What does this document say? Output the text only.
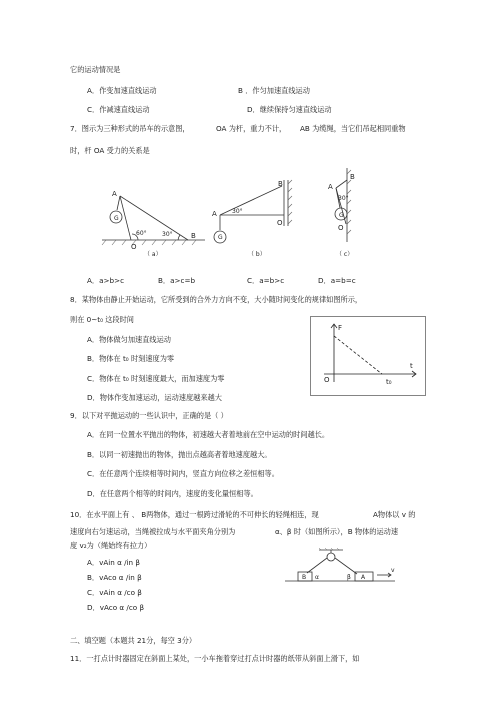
它的运动情况是
A．作变加速直线运动	B ．作匀加速直线运动
C．作减速直线运动	D．继续保持匀速直线运动
7．图示为三种形式的吊车的示意图，	OA 为杆，重力不计， AB 为缆绳，当它们吊起相同重物
时，杆 OA 受力的关系是
A
G
B
O
60°	30°
（ a）
A
B
G
O
30°
（ b）
A
B
G
O
30°
（ c）
A．a>b>c	B．a>c=b	C．a=b>c	D．a=b=c
8．某物体由静止开始运动，它所受到的合外力方向不变，大小随时间变化的规律如图所示，
则在 0~t₀ 这段时间
A．物体做匀加速直线运动
B．物体在 t₀ 时刻速度为零
C．物体在 t₀ 时刻速度最大，而加速度为零
D．物体作变加速运动，运动速度越来越大
F
t
O	t₀
9．以下对平抛运动的一些认识中，正确的是（ ）
A．在同一位置水平抛出的物体，初速越大者着地前在空中运动的时间越长。
B．以同一初速抛出的物体，抛出点越高者着地速度越大。
C．在任意两个连续相等时间内，竖直方向位移之差恒相等。
D．在任意两个相等的时间内，速度的变化量恒相等。
10．在水平面上有 、 B两物体，通过一根跨过滑轮的不可伸长的轻绳相连，现	A物体以 v 的
速度向右匀速运动，当绳被拉成与水平面夹角分别为	α、β 时（如图所示），B 物体的运动速
度 v₂为（绳始终有拉力）
A．vAin α /in β
B．vAco α /in β
C．vAin α /co β
D．vAco α /co β
B	A
α	β
v
二、填空题（本题共 21分，每空 3分）
11．一打点计时器固定在斜面上某处，一小车拖着穿过打点计时器的纸带从斜面上滑下，如
